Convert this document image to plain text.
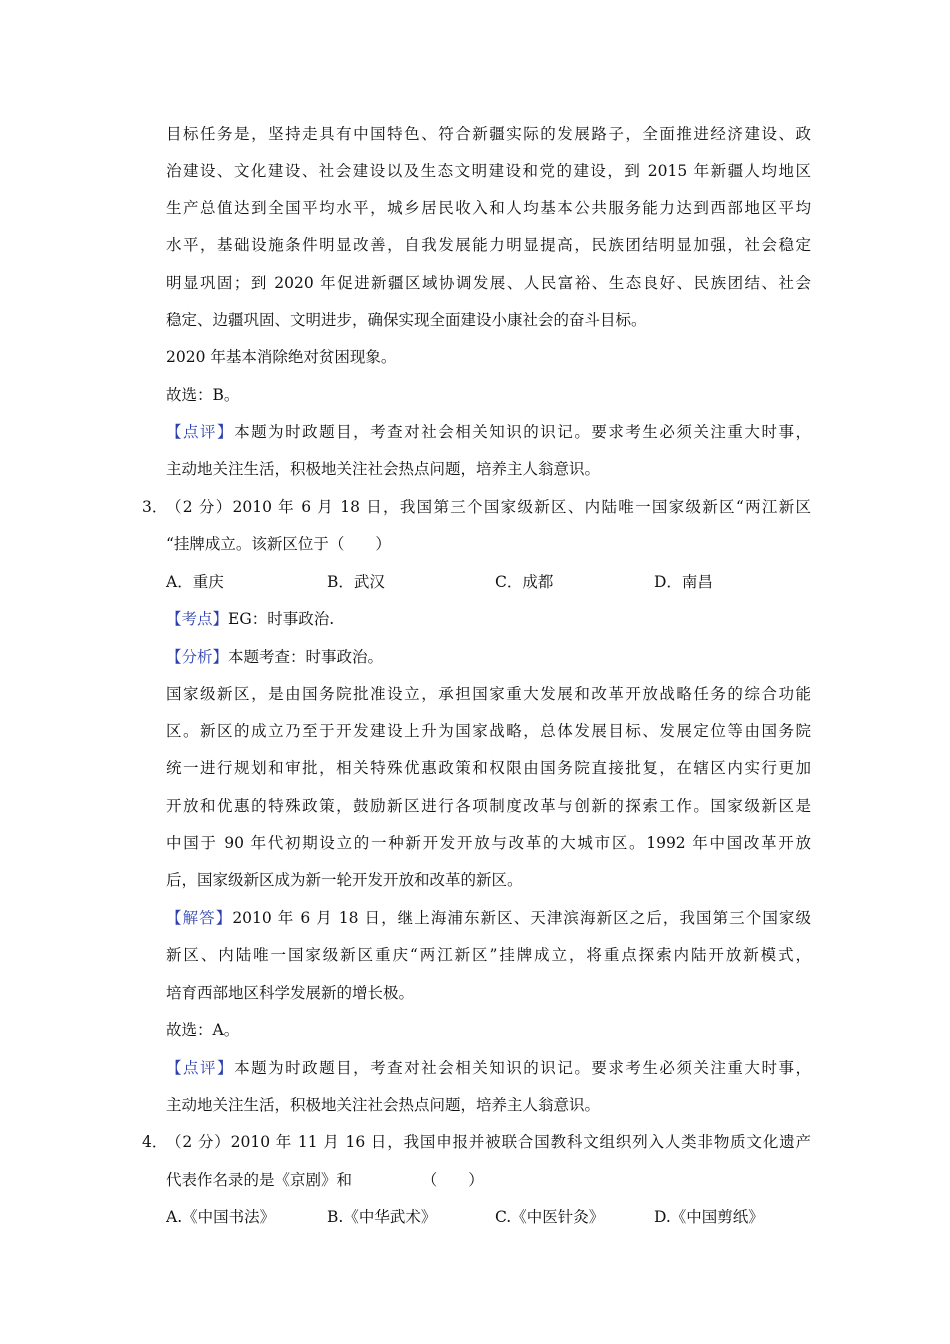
目标任务是，坚持走具有中国特色、符合新疆实际的发展路子，全面推进经济建设、政
治建设、文化建设、社会建设以及生态文明建设和党的建设，到 2015 年新疆人均地区
生产总值达到全国平均水平，城乡居民收入和人均基本公共服务能力达到西部地区平均
水平，基础设施条件明显改善，自我发展能力明显提高，民族团结明显加强，社会稳定
明显巩固；到 2020 年促进新疆区域协调发展、人民富裕、生态良好、民族团结、社会
稳定、边疆巩固、文明进步，确保实现全面建设小康社会的奋斗目标。
2020 年基本消除绝对贫困现象。
故选：B。
【点评】本题为时政题目，考查对社会相关知识的识记。要求考生必须关注重大时事，
主动地关注生活，积极地关注社会热点问题，培养主人翁意识。
3．
（2 分）2010 年 6 月 18 日，我国第三个国家级新区、内陆唯一国家级新区“两江新区
“挂牌成立。该新区位于（　　）
A．重庆	B．武汉	C．成都	D．南昌
【考点】EG：时事政治.
【分析】本题考查：时事政治。
国家级新区，是由国务院批准设立，承担国家重大发展和改革开放战略任务的综合功能
区。新区的成立乃至于开发建设上升为国家战略，总体发展目标、发展定位等由国务院
统一进行规划和审批，相关特殊优惠政策和权限由国务院直接批复，在辖区内实行更加
开放和优惠的特殊政策，鼓励新区进行各项制度改革与创新的探索工作。国家级新区是
中国于 90 年代初期设立的一种新开发开放与改革的大城市区。1992 年中国改革开放
后，国家级新区成为新一轮开发开放和改革的新区。
【解答】2010 年 6 月 18 日，继上海浦东新区、天津滨海新区之后，我国第三个国家级
新区、内陆唯一国家级新区重庆“两江新区”挂牌成立，将重点探索内陆开放新模式，
培育西部地区科学发展新的增长极。
故选：A。
【点评】本题为时政题目，考查对社会相关知识的识记。要求考生必须关注重大时事，
主动地关注生活，积极地关注社会热点问题，培养主人翁意识。
4．
（2 分）2010 年 11 月 16 日，我国申报并被联合国教科文组织列入人类非物质文化遗产
代表作名录的是《京剧》和　　　　　（　　）
A.《中国书法》	B.《中华武术》	C.《中医针灸》	D.《中国剪纸》
